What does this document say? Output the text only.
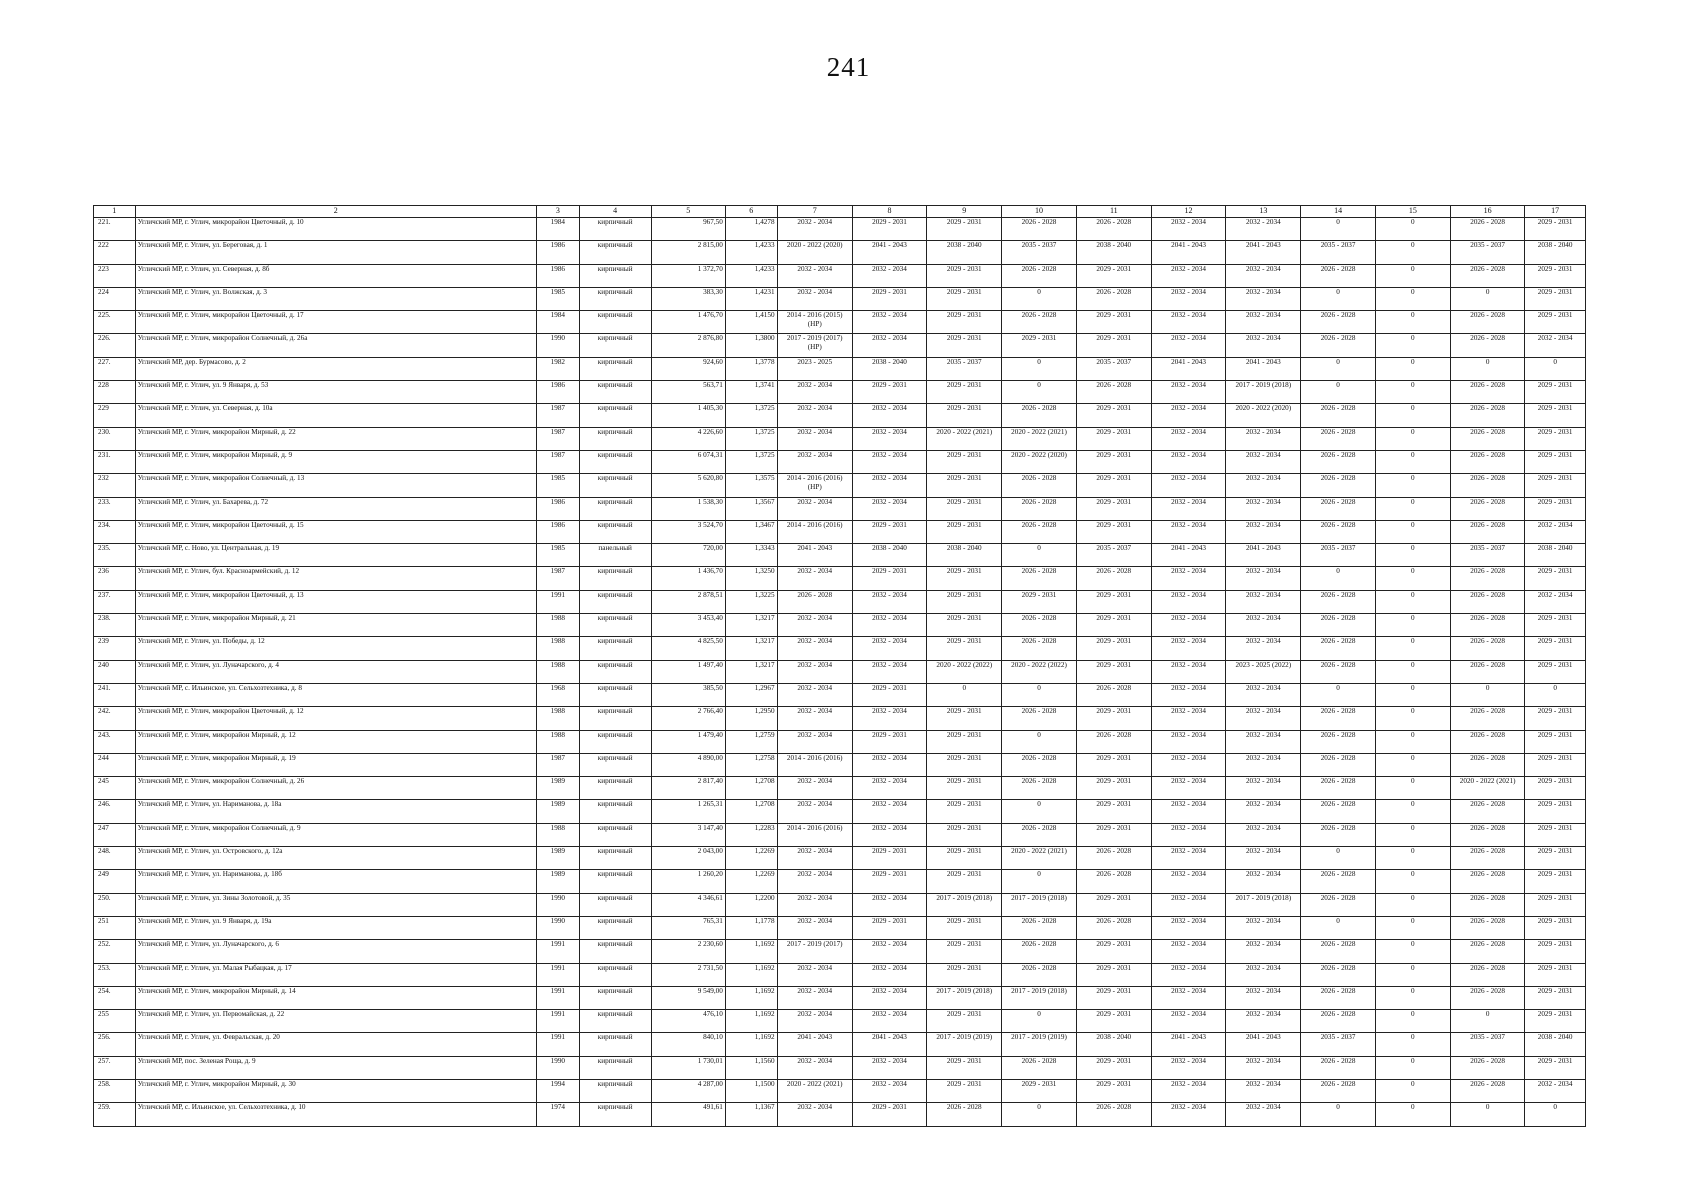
241
1	2	3	4	5	6	7	8	9	10	11	12	13	14	15	16	17
221.	Угличский МР, г. Углич, микрорайон Цветочный, д. 10	1984	кирпичный	967,50	1,4278	2032 - 2034	2029 - 2031	2029 - 2031	2026 - 2028	2026 - 2028	2032 - 2034	2032 - 2034	0	0	2026 - 2028	2029 - 2031
222	Угличский МР, г. Углич, ул. Береговая, д. 1	1986	кирпичный	2 815,00	1,4233	2020 - 2022 (2020)	2041 - 2043	2038 - 2040	2035 - 2037	2038 - 2040	2041 - 2043	2041 - 2043	2035 - 2037	0	2035 - 2037	2038 - 2040
223	Угличский МР, г. Углич, ул. Северная, д. 8б	1986	кирпичный	1 372,70	1,4233	2032 - 2034	2032 - 2034	2029 - 2031	2026 - 2028	2029 - 2031	2032 - 2034	2032 - 2034	2026 - 2028	0	2026 - 2028	2029 - 2031
224	Угличский МР, г. Углич, ул. Волжская, д. 3	1985	кирпичный	383,30	1,4231	2032 - 2034	2029 - 2031	2029 - 2031	0	2026 - 2028	2032 - 2034	2032 - 2034	0	0	0	2029 - 2031
225.	Угличский МР, г. Углич, микрорайон Цветочный, д. 17	1984	кирпичный	1 476,70	1,4150	2014 - 2016 (2015) (НР)	2032 - 2034	2029 - 2031	2026 - 2028	2029 - 2031	2032 - 2034	2032 - 2034	2026 - 2028	0	2026 - 2028	2029 - 2031
226.	Угличский МР, г. Углич, микрорайон Солнечный, д. 26а	1990	кирпичный	2 876,80	1,3800	2017 - 2019 (2017) (НР)	2032 - 2034	2029 - 2031	2029 - 2031	2029 - 2031	2032 - 2034	2032 - 2034	2026 - 2028	0	2026 - 2028	2032 - 2034
227.	Угличский МР, дер. Бурмасово, д. 2	1982	кирпичный	924,60	1,3778	2023 - 2025	2038 - 2040	2035 - 2037	0	2035 - 2037	2041 - 2043	2041 - 2043	0	0	0	0
228	Угличский МР, г. Углич, ул. 9 Января, д. 53	1986	кирпичный	563,71	1,3741	2032 - 2034	2029 - 2031	2029 - 2031	0	2026 - 2028	2032 - 2034	2017 - 2019 (2018)	0	0	2026 - 2028	2029 - 2031
229	Угличский МР, г. Углич, ул. Северная, д. 10а	1987	кирпичный	1 405,30	1,3725	2032 - 2034	2032 - 2034	2029 - 2031	2026 - 2028	2029 - 2031	2032 - 2034	2020 - 2022 (2020)	2026 - 2028	0	2026 - 2028	2029 - 2031
230.	Угличский МР, г. Углич, микрорайон Мирный, д. 22	1987	кирпичный	4 226,60	1,3725	2032 - 2034	2032 - 2034	2020 - 2022 (2021)	2020 - 2022 (2021)	2029 - 2031	2032 - 2034	2032 - 2034	2026 - 2028	0	2026 - 2028	2029 - 2031
231.	Угличский МР, г. Углич, микрорайон Мирный, д. 9	1987	кирпичный	6 074,31	1,3725	2032 - 2034	2032 - 2034	2029 - 2031	2020 - 2022 (2020)	2029 - 2031	2032 - 2034	2032 - 2034	2026 - 2028	0	2026 - 2028	2029 - 2031
232	Угличский МР, г. Углич, микрорайон Солнечный, д. 13	1985	кирпичный	5 620,80	1,3575	2014 - 2016 (2016) (НР)	2032 - 2034	2029 - 2031	2026 - 2028	2029 - 2031	2032 - 2034	2032 - 2034	2026 - 2028	0	2026 - 2028	2029 - 2031
233.	Угличский МР, г. Углич, ул. Бахарева, д. 72	1986	кирпичный	1 538,30	1,3567	2032 - 2034	2032 - 2034	2029 - 2031	2026 - 2028	2029 - 2031	2032 - 2034	2032 - 2034	2026 - 2028	0	2026 - 2028	2029 - 2031
234.	Угличский МР, г. Углич, микрорайон Цветочный, д. 15	1986	кирпичный	3 524,70	1,3467	2014 - 2016 (2016)	2029 - 2031	2029 - 2031	2026 - 2028	2029 - 2031	2032 - 2034	2032 - 2034	2026 - 2028	0	2026 - 2028	2032 - 2034
235.	Угличский МР, с. Ново, ул. Центральная, д. 19	1985	панельный	720,00	1,3343	2041 - 2043	2038 - 2040	2038 - 2040	0	2035 - 2037	2041 - 2043	2041 - 2043	2035 - 2037	0	2035 - 2037	2038 - 2040
236	Угличский МР, г. Углич, бул. Красноармейский, д. 12	1987	кирпичный	1 436,70	1,3250	2032 - 2034	2029 - 2031	2029 - 2031	2026 - 2028	2026 - 2028	2032 - 2034	2032 - 2034	0	0	2026 - 2028	2029 - 2031
237.	Угличский МР, г. Углич, микрорайон Цветочный, д. 13	1991	кирпичный	2 878,51	1,3225	2026 - 2028	2032 - 2034	2029 - 2031	2029 - 2031	2029 - 2031	2032 - 2034	2032 - 2034	2026 - 2028	0	2026 - 2028	2032 - 2034
238.	Угличский МР, г. Углич, микрорайон Мирный, д. 21	1988	кирпичный	3 453,40	1,3217	2032 - 2034	2032 - 2034	2029 - 2031	2026 - 2028	2029 - 2031	2032 - 2034	2032 - 2034	2026 - 2028	0	2026 - 2028	2029 - 2031
239	Угличский МР, г. Углич, ул. Победы, д. 12	1988	кирпичный	4 825,50	1,3217	2032 - 2034	2032 - 2034	2029 - 2031	2026 - 2028	2029 - 2031	2032 - 2034	2032 - 2034	2026 - 2028	0	2026 - 2028	2029 - 2031
240	Угличский МР, г. Углич, ул. Луначарского, д. 4	1988	кирпичный	1 497,40	1,3217	2032 - 2034	2032 - 2034	2020 - 2022 (2022)	2020 - 2022 (2022)	2029 - 2031	2032 - 2034	2023 - 2025 (2022)	2026 - 2028	0	2026 - 2028	2029 - 2031
241.	Угличский МР, с. Ильинское, ул. Сельхозтехника, д. 8	1968	кирпичный	385,50	1,2967	2032 - 2034	2029 - 2031	0	0	2026 - 2028	2032 - 2034	2032 - 2034	0	0	0	0
242.	Угличский МР, г. Углич, микрорайон Цветочный, д. 12	1988	кирпичный	2 766,40	1,2950	2032 - 2034	2032 - 2034	2029 - 2031	2026 - 2028	2029 - 2031	2032 - 2034	2032 - 2034	2026 - 2028	0	2026 - 2028	2029 - 2031
243.	Угличский МР, г. Углич, микрорайон Мирный, д. 12	1988	кирпичный	1 479,40	1,2759	2032 - 2034	2029 - 2031	2029 - 2031	0	2026 - 2028	2032 - 2034	2032 - 2034	2026 - 2028	0	2026 - 2028	2029 - 2031
244	Угличский МР, г. Углич, микрорайон Мирный, д. 19	1987	кирпичный	4 890,00	1,2758	2014 - 2016 (2016)	2032 - 2034	2029 - 2031	2026 - 2028	2029 - 2031	2032 - 2034	2032 - 2034	2026 - 2028	0	2026 - 2028	2029 - 2031
245	Угличский МР, г. Углич, микрорайон Солнечный, д. 26	1989	кирпичный	2 817,40	1,2708	2032 - 2034	2032 - 2034	2029 - 2031	2026 - 2028	2029 - 2031	2032 - 2034	2032 - 2034	2026 - 2028	0	2020 - 2022 (2021)	2029 - 2031
246.	Угличский МР, г. Углич, ул. Нариманова, д. 18а	1989	кирпичный	1 265,31	1,2708	2032 - 2034	2032 - 2034	2029 - 2031	0	2029 - 2031	2032 - 2034	2032 - 2034	2026 - 2028	0	2026 - 2028	2029 - 2031
247	Угличский МР, г. Углич, микрорайон Солнечный, д. 9	1988	кирпичный	3 147,40	1,2283	2014 - 2016 (2016)	2032 - 2034	2029 - 2031	2026 - 2028	2029 - 2031	2032 - 2034	2032 - 2034	2026 - 2028	0	2026 - 2028	2029 - 2031
248.	Угличский МР, г. Углич, ул. Островского, д. 12а	1989	кирпичный	2 043,00	1,2269	2032 - 2034	2029 - 2031	2029 - 2031	2020 - 2022 (2021)	2026 - 2028	2032 - 2034	2032 - 2034	0	0	2026 - 2028	2029 - 2031
249	Угличский МР, г. Углич, ул. Нариманова, д. 18б	1989	кирпичный	1 260,20	1,2269	2032 - 2034	2029 - 2031	2029 - 2031	0	2026 - 2028	2032 - 2034	2032 - 2034	2026 - 2028	0	2026 - 2028	2029 - 2031
250.	Угличский МР, г. Углич, ул. Зины Золотовой, д. 35	1990	кирпичный	4 346,61	1,2200	2032 - 2034	2032 - 2034	2017 - 2019 (2018)	2017 - 2019 (2018)	2029 - 2031	2032 - 2034	2017 - 2019 (2018)	2026 - 2028	0	2026 - 2028	2029 - 2031
251	Угличский МР, г. Углич, ул. 9 Января, д. 19а	1990	кирпичный	765,31	1,1778	2032 - 2034	2029 - 2031	2029 - 2031	2026 - 2028	2026 - 2028	2032 - 2034	2032 - 2034	0	0	2026 - 2028	2029 - 2031
252.	Угличский МР, г. Углич, ул. Луначарского, д. 6	1991	кирпичный	2 230,60	1,1692	2017 - 2019 (2017)	2032 - 2034	2029 - 2031	2026 - 2028	2029 - 2031	2032 - 2034	2032 - 2034	2026 - 2028	0	2026 - 2028	2029 - 2031
253.	Угличский МР, г. Углич, ул. Малая Рыбацкая, д. 17	1991	кирпичный	2 731,50	1,1692	2032 - 2034	2032 - 2034	2029 - 2031	2026 - 2028	2029 - 2031	2032 - 2034	2032 - 2034	2026 - 2028	0	2026 - 2028	2029 - 2031
254.	Угличский МР, г. Углич, микрорайон Мирный, д. 14	1991	кирпичный	9 549,00	1,1692	2032 - 2034	2032 - 2034	2017 - 2019 (2018)	2017 - 2019 (2018)	2029 - 2031	2032 - 2034	2032 - 2034	2026 - 2028	0	2026 - 2028	2029 - 2031
255	Угличский МР, г. Углич, ул. Первомайская, д. 22	1991	кирпичный	476,10	1,1692	2032 - 2034	2032 - 2034	2029 - 2031	0	2029 - 2031	2032 - 2034	2032 - 2034	2026 - 2028	0	0	2029 - 2031
256.	Угличский МР, г. Углич, ул. Февральская, д. 20	1991	кирпичный	840,10	1,1692	2041 - 2043	2041 - 2043	2017 - 2019 (2019)	2017 - 2019 (2019)	2038 - 2040	2041 - 2043	2041 - 2043	2035 - 2037	0	2035 - 2037	2038 - 2040
257.	Угличский МР, пос. Зеленая Роща, д. 9	1990	кирпичный	1 730,01	1,1560	2032 - 2034	2032 - 2034	2029 - 2031	2026 - 2028	2029 - 2031	2032 - 2034	2032 - 2034	2026 - 2028	0	2026 - 2028	2029 - 2031
258.	Угличский МР, г. Углич, микрорайон Мирный, д. 30	1994	кирпичный	4 287,00	1,1500	2020 - 2022 (2021)	2032 - 2034	2029 - 2031	2029 - 2031	2029 - 2031	2032 - 2034	2032 - 2034	2026 - 2028	0	2026 - 2028	2032 - 2034
259.	Угличский МР, с. Ильинское, ул. Сельхозтехника, д. 10	1974	кирпичный	491,61	1,1367	2032 - 2034	2029 - 2031	2026 - 2028	0	2026 - 2028	2032 - 2034	2032 - 2034	0	0	0	0
